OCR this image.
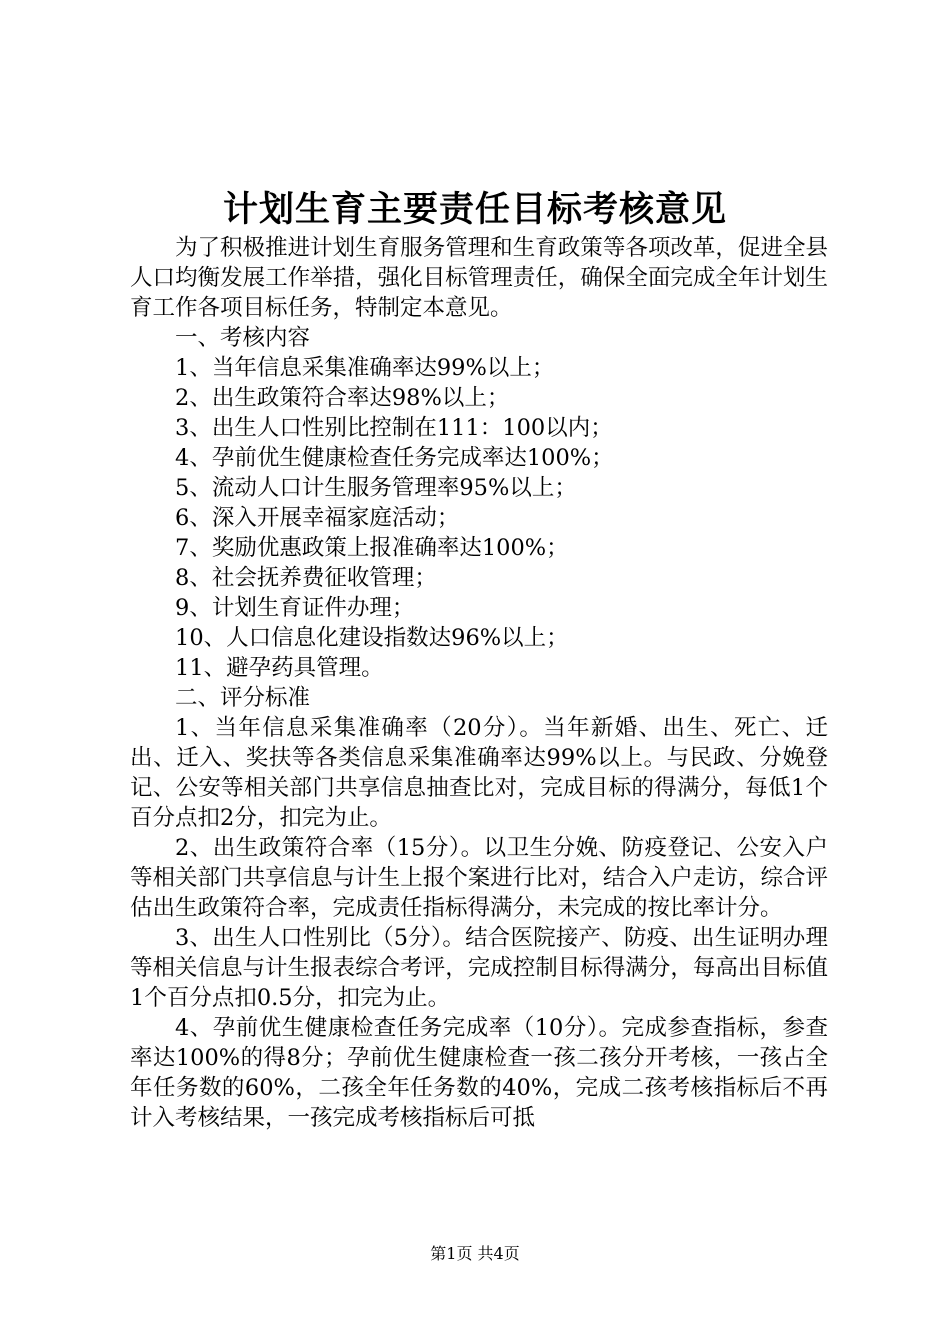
计划生育主要责任目标考核意见

为了积极推进计划生育服务管理和生育政策等各项改革，促进全县人口均衡发展工作举措，强化目标管理责任，确保全面完成全年计划生育工作各项目标任务，特制定本意见。

一、考核内容

1、当年信息采集准确率达99%以上；

2、出生政策符合率达98%以上；

3、出生人口性别比控制在111：100以内；

4、孕前优生健康检查任务完成率达100%；

5、流动人口计生服务管理率95%以上；

6、深入开展幸福家庭活动；

7、奖励优惠政策上报准确率达100%；

8、社会抚养费征收管理；

9、计划生育证件办理；

10、人口信息化建设指数达96%以上；

11、避孕药具管理。

二、评分标准

1、当年信息采集准确率（20分）。当年新婚、出生、死亡、迁出、迁入、奖扶等各类信息采集准确率达99%以上。与民政、分娩登记、公安等相关部门共享信息抽查比对，完成目标的得满分，每低1个百分点扣2分，扣完为止。

2、出生政策符合率（15分）。以卫生分娩、防疫登记、公安入户等相关部门共享信息与计生上报个案进行比对，结合入户走访，综合评估出生政策符合率，完成责任指标得满分，未完成的按比率计分。

3、出生人口性别比（5分）。结合医院接产、防疫、出生证明办理等相关信息与计生报表综合考评，完成控制目标得满分，每高出目标值1个百分点扣0.5分，扣完为止。

4、孕前优生健康检查任务完成率（10分）。完成参查指标，参查率达100%的得8分；孕前优生健康检查一孩二孩分开考核，一孩占全年任务数的60%，二孩全年任务数的40%，完成二孩考核指标后不再计入考核结果，一孩完成考核指标后可抵

第1页 共4页
